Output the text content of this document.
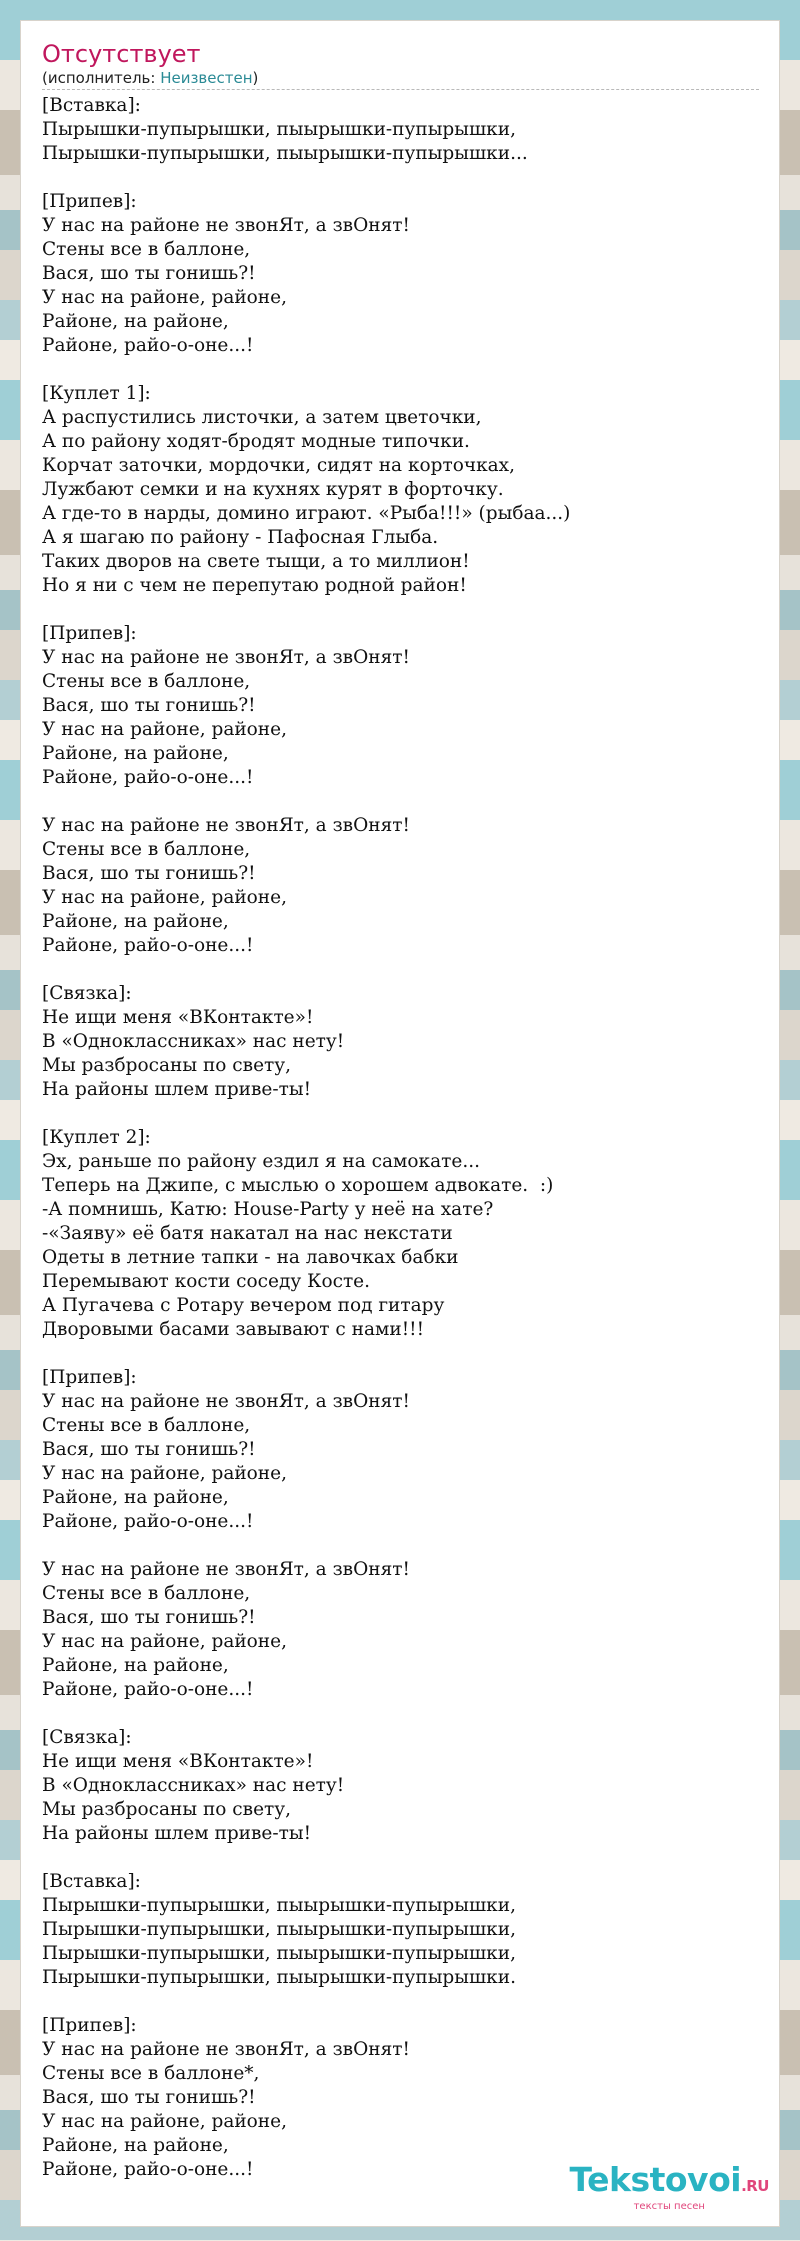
Отсутствует
(исполнитель: Неизвестен)
[Вставка]:
Пырышки-пупырышки, пыырышки-пупырышки,
Пырышки-пупырышки, пыырышки-пупырышки...

[Припев]:
У нас на районе не звонЯт, а звОнят!
Стены все в баллоне,
Вася, шо ты гонишь?!
У нас на районе, районе,
Районе, на районе,
Районе, райо-о-оне...!

[Куплет 1]:
А распустились листочки, а затем цветочки,
А по району ходят-бродят модные типочки.
Корчат заточки, мордочки, сидят на корточках,
Лужбают семки и на кухнях курят в форточку.
А где-то в нарды, домино играют. «Рыба!!!» (рыбаа...)
А я шагаю по району - Пафосная Глыба.
Таких дворов на свете тыщи, а то миллион!
Но я ни с чем не перепутаю родной район!

[Припев]:
У нас на районе не звонЯт, а звОнят!
Стены все в баллоне,
Вася, шо ты гонишь?!
У нас на районе, районе,
Районе, на районе,
Районе, райо-о-оне...!

У нас на районе не звонЯт, а звОнят!
Стены все в баллоне,
Вася, шо ты гонишь?!
У нас на районе, районе,
Районе, на районе,
Районе, райо-о-оне...!

[Связка]:
Не ищи меня «ВКонтакте»!
В «Одноклассниках» нас нету!
Мы разбросаны по свету,
На районы шлем приве-ты!

[Куплет 2]:
Эх, раньше по району ездил я на самокате...
Теперь на Джипе, с мыслью о хорошем адвокате.  :)
-А помнишь, Катю: House-Party у неё на хате?
-«Заяву» её батя накатал на нас некстати
Одеты в летние тапки - на лавочках бабки
Перемывают кости соседу Косте.
А Пугачева с Ротару вечером под гитару
Дворовыми басами завывают с нами!!!

[Припев]:
У нас на районе не звонЯт, а звОнят!
Стены все в баллоне,
Вася, шо ты гонишь?!
У нас на районе, районе,
Районе, на районе,
Районе, райо-о-оне...!

У нас на районе не звонЯт, а звОнят!
Стены все в баллоне,
Вася, шо ты гонишь?!
У нас на районе, районе,
Районе, на районе,
Районе, райо-о-оне...!

[Связка]:
Не ищи меня «ВКонтакте»!
В «Одноклассниках» нас нету!
Мы разбросаны по свету,
На районы шлем приве-ты!

[Вставка]:
Пырышки-пупырышки, пыырышки-пупырышки,
Пырышки-пупырышки, пыырышки-пупырышки,
Пырышки-пупырышки, пыырышки-пупырышки,
Пырышки-пупырышки, пыырышки-пупырышки.

[Припев]:
У нас на районе не звонЯт, а звОнят!
Стены все в баллоне*,
Вася, шо ты гонишь?!
У нас на районе, районе,
Районе, на районе,
Районе, райо-о-оне...!	Tekstovoi.RU
тексты песен
